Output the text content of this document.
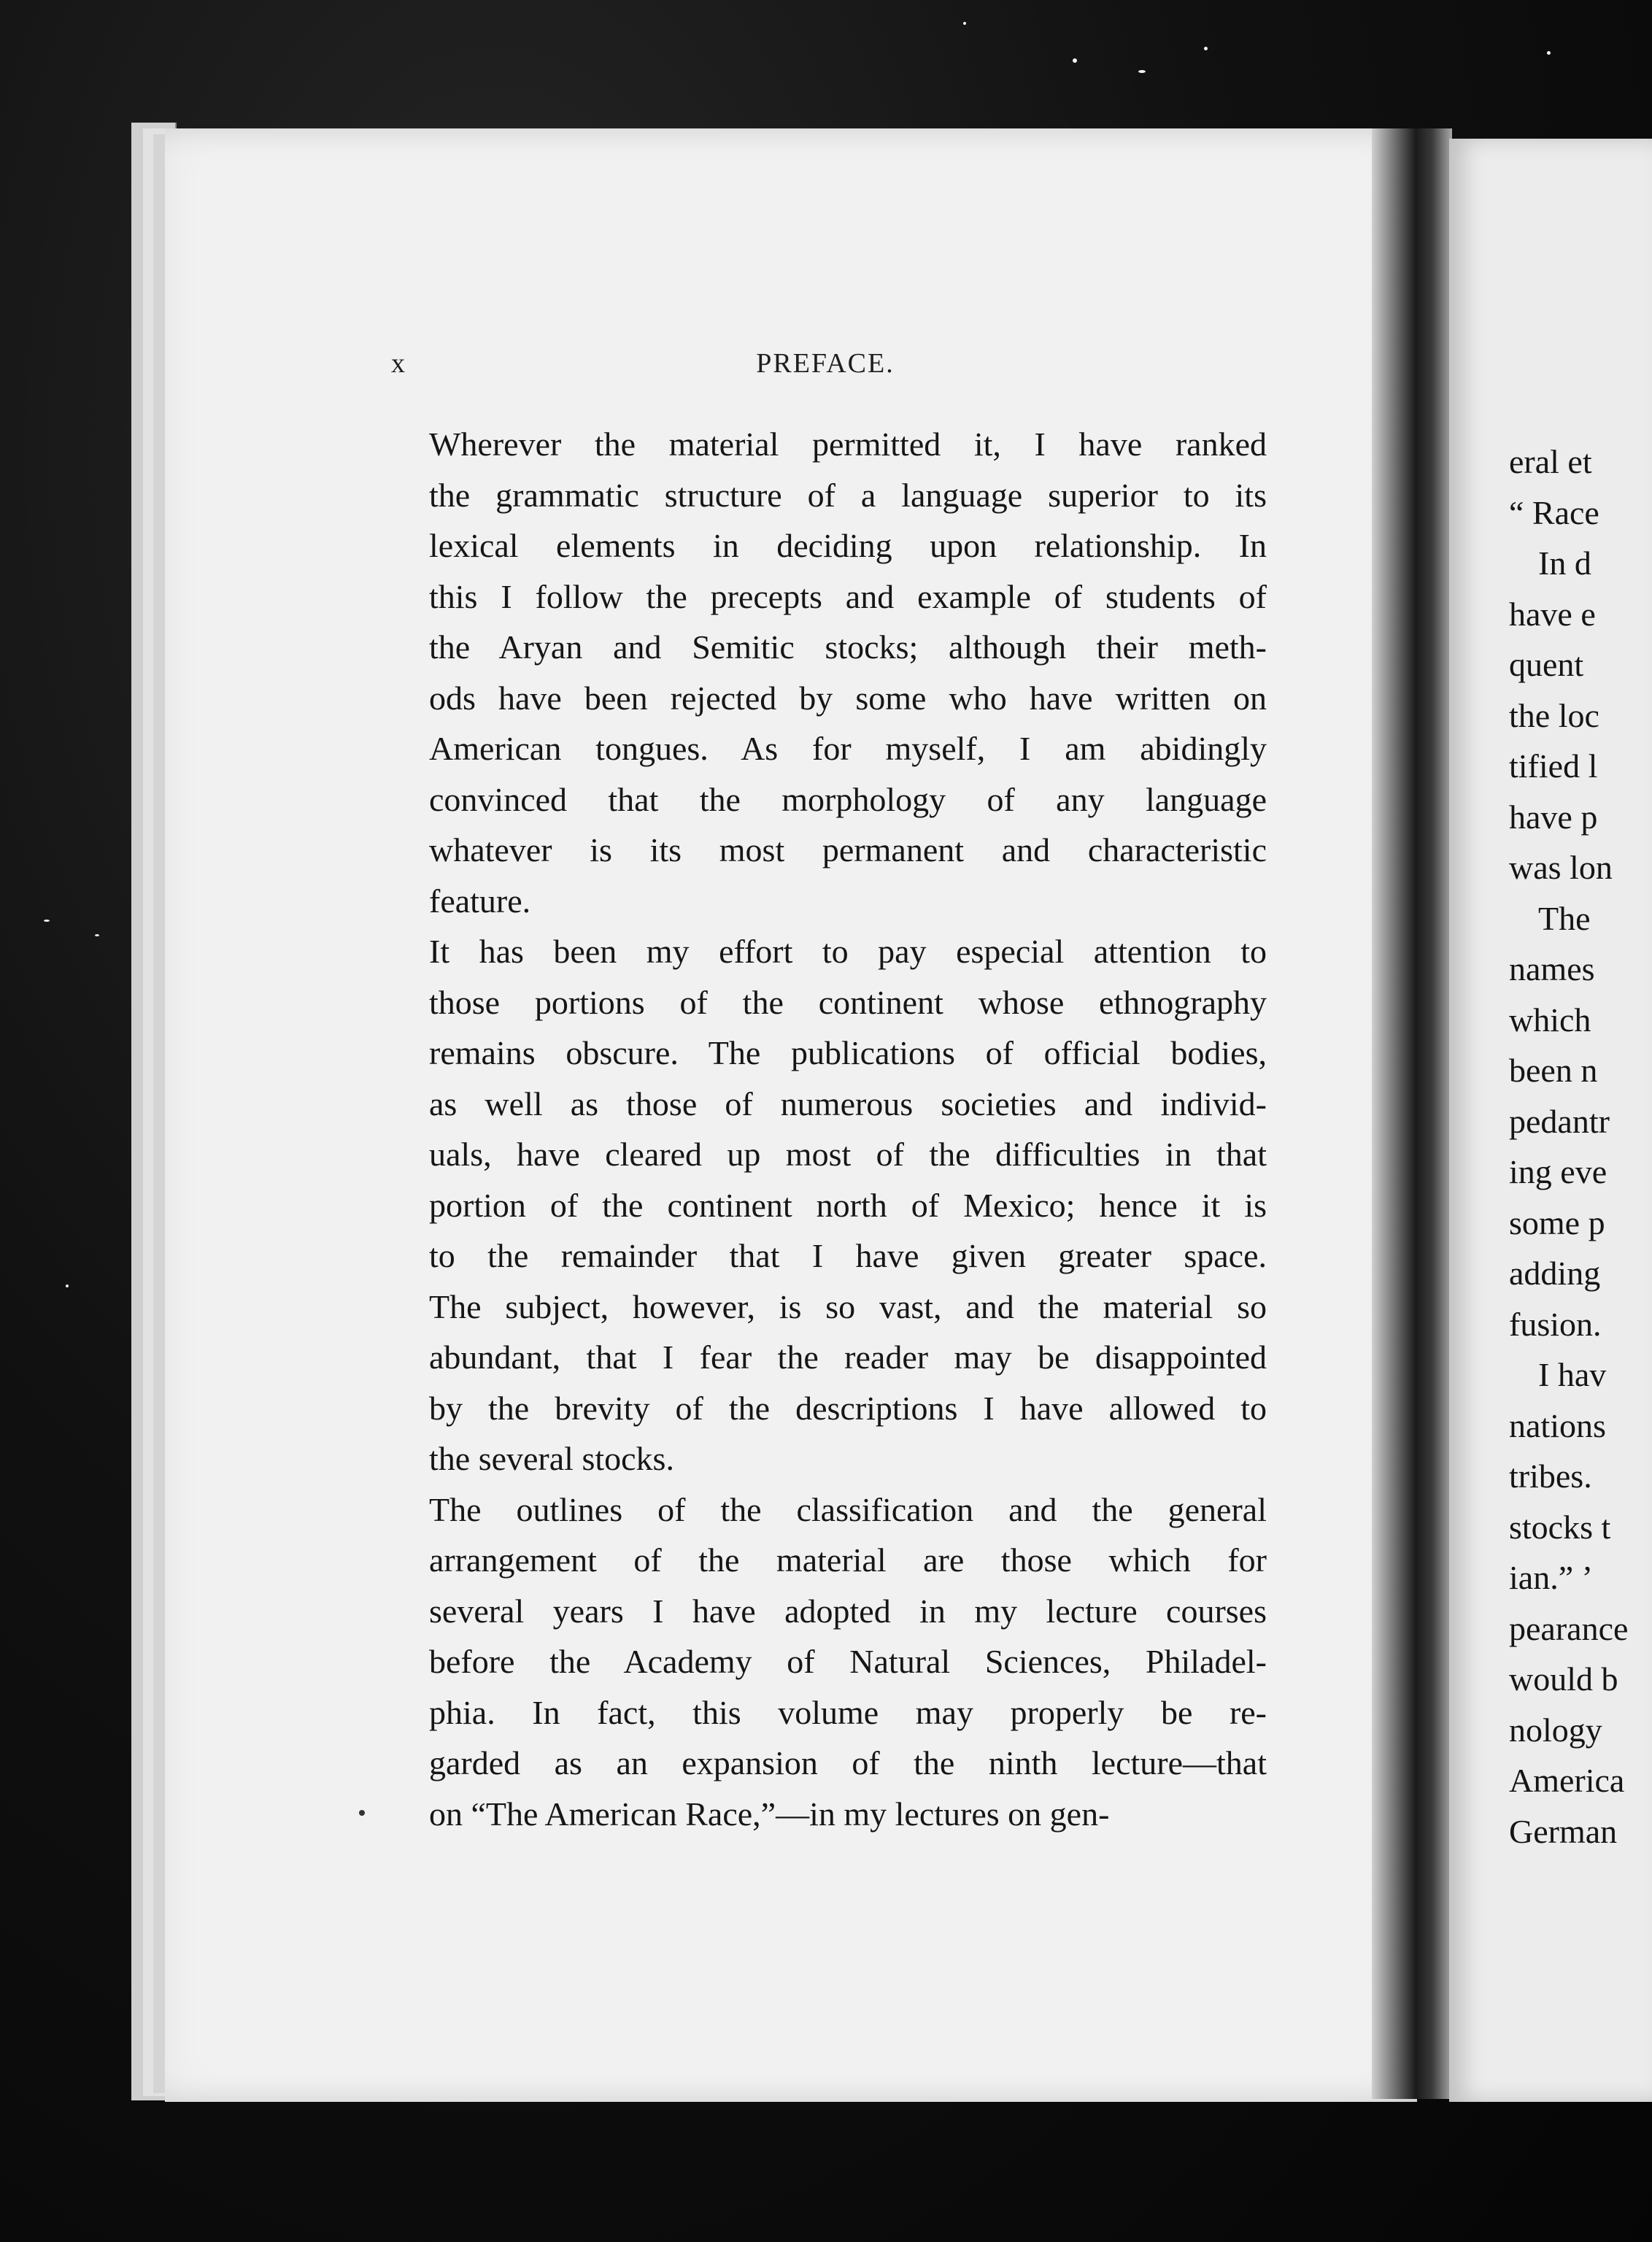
x	PREFACE.

Wherever the material permitted it, I have ranked
the grammatic structure of a language superior to its
lexical elements in deciding upon relationship. In
this I follow the precepts and example of students of
the Aryan and Semitic stocks; although their meth-
ods have been rejected by some who have written on
American tongues. As for myself, I am abidingly
convinced that the morphology of any language
whatever is its most permanent and characteristic
feature.

It has been my effort to pay especial attention to
those portions of the continent whose ethnography
remains obscure. The publications of official bodies,
as well as those of numerous societies and individ-
uals, have cleared up most of the difficulties in that
portion of the continent north of Mexico; hence it is
to the remainder that I have given greater space.
The subject, however, is so vast, and the material so
abundant, that I fear the reader may be disappointed
by the brevity of the descriptions I have allowed to
the several stocks.

The outlines of the classification and the general
arrangement of the material are those which for
several years I have adopted in my lecture courses
before the Academy of Natural Sciences, Philadel-
phia. In fact, this volume may properly be re-
garded as an expansion of the ninth lecture—that
on “The American Race,”—in my lectures on gen-

eral et
“ Race
In d
have e
quent
the loc
tified l
have p
was lon
The
names
which
been n
pedantr
ing eve
some p
adding
fusion.
I hav
nations
tribes.
stocks t
ian.” ’
pearance
would b
nology
America
German
